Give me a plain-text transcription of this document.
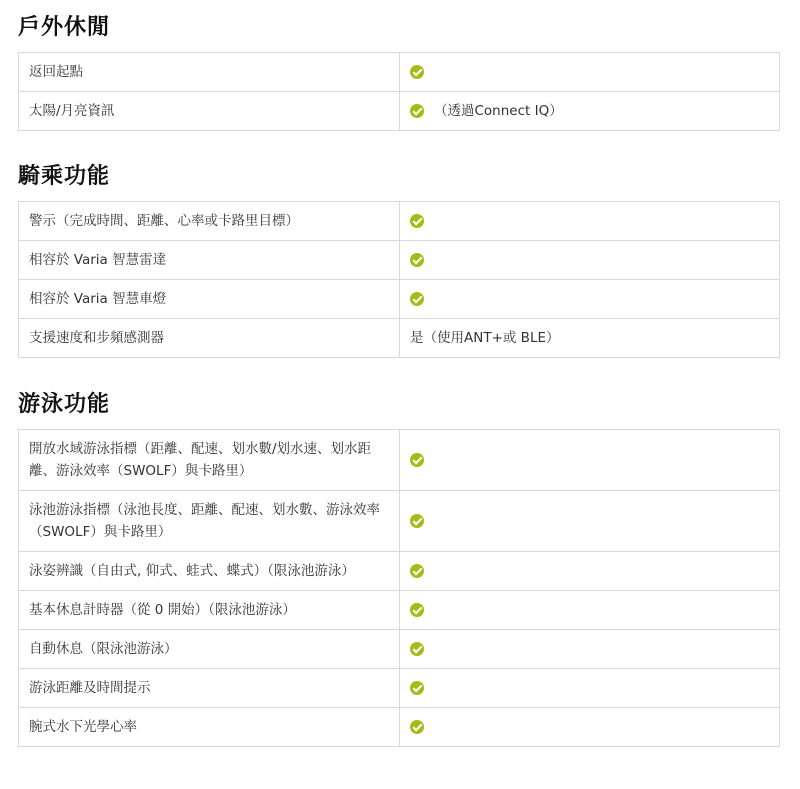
戶外休閒
返回起點	
太陽/月亮資訊	（透過Connect IQ）
騎乘功能
警示（完成時間、距離、心率或卡路里目標）	
相容於 Varia 智慧雷達	
相容於 Varia 智慧車燈	
支援速度和步頻感測器	是（使用ANT+或 BLE）
游泳功能
開放水域游泳指標（距離、配速、划水數/划水速、划水距離、游泳效率（SWOLF）與卡路里）	
泳池游泳指標（泳池長度、距離、配速、划水數、游泳效率（SWOLF）與卡路里）	
泳姿辨識（自由式, 仰式、蛙式、蝶式）（限泳池游泳）	
基本休息計時器（從 0 開始）（限泳池游泳）	
自動休息（限泳池游泳）	
游泳距離及時間提示	
腕式水下光學心率	
